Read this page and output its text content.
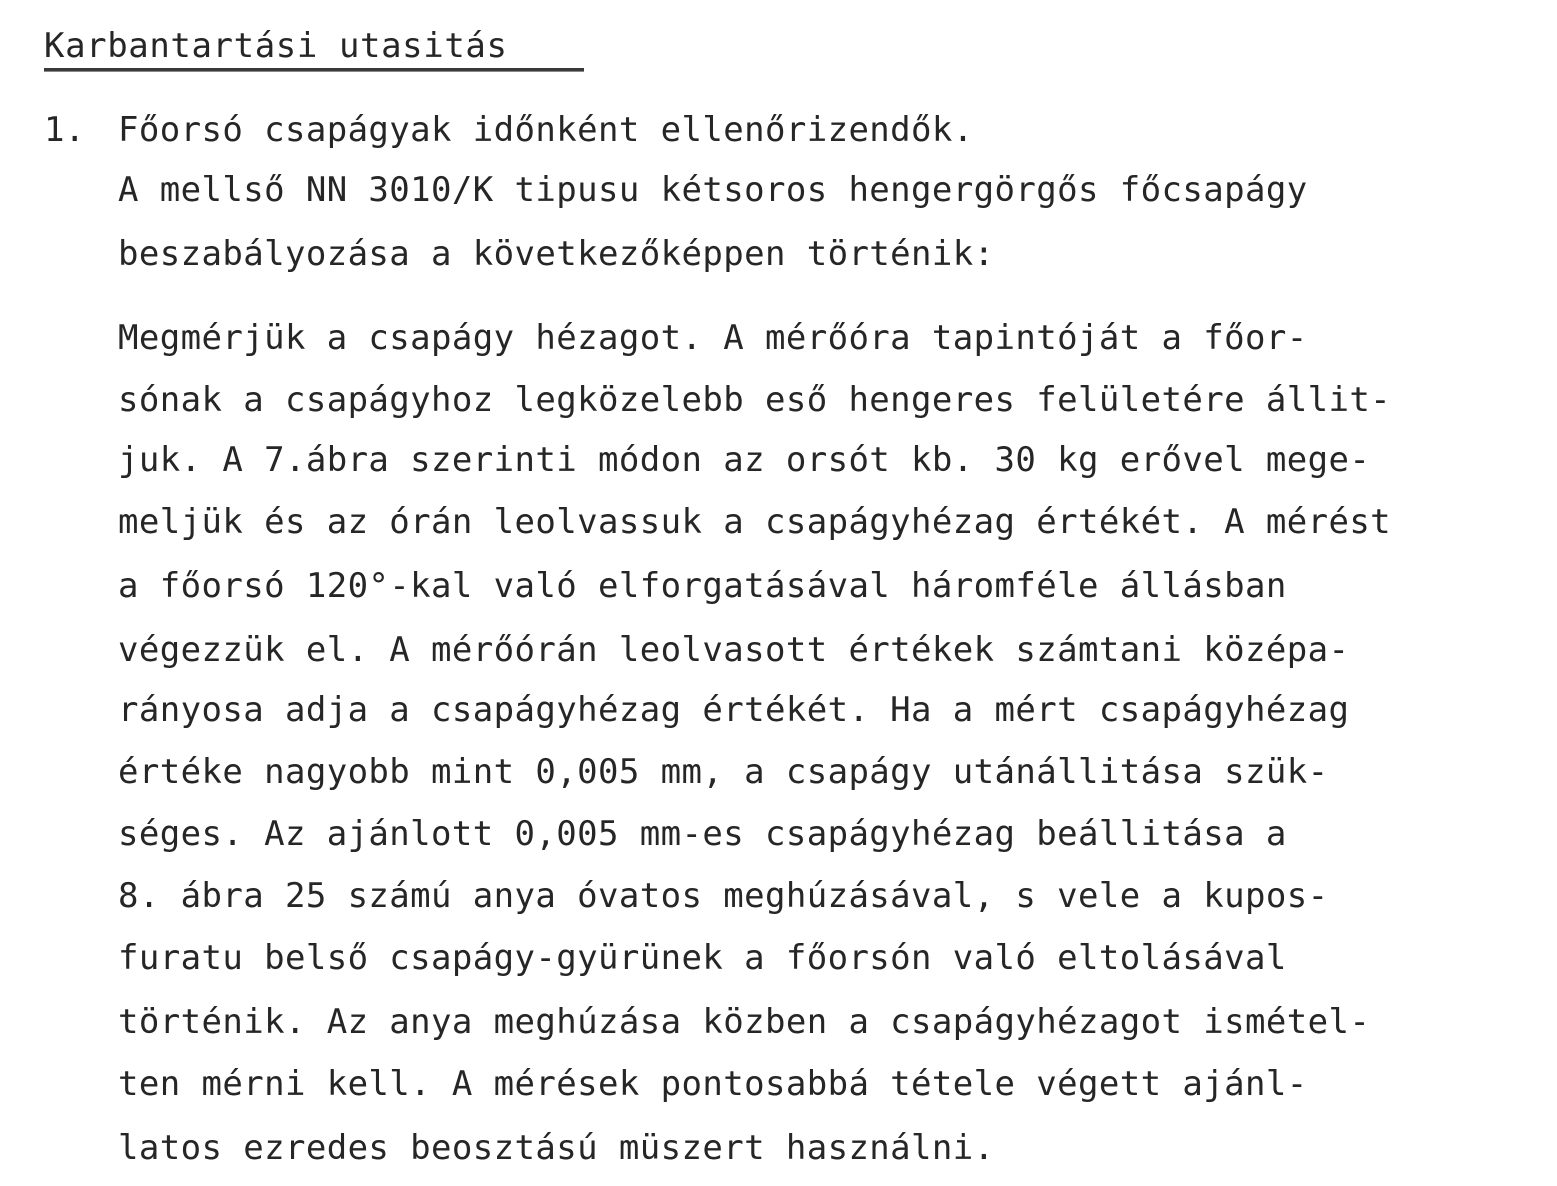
Karbantartási utasitás
1. Főorsó csapágyak időnként ellenőrizendők.
A mellső NN 3010/K tipusu kétsoros hengergörgős főcsapágy
beszabályozása a következőképpen történik:
Megmérjük a csapágy hézagot. A mérőóra tapintóját a főor-
sónak a csapágyhoz legközelebb eső hengeres felületére állit-
juk. A 7.ábra szerinti módon az orsót kb. 30 kg erővel mege-
meljük és az órán leolvassuk a csapágyhézag értékét. A mérést
a főorsó 120°-kal való elforgatásával háromféle állásban
végezzük el. A mérőórán leolvasott értékek számtani középa-
rányosa adja a csapágyhézag értékét. Ha a mért csapágyhézag
értéke nagyobb mint 0,005 mm, a csapágy utánállitása szük-
séges. Az ajánlott 0,005 mm-es csapágyhézag beállitása a
8. ábra 25 számú anya óvatos meghúzásával, s vele a kupos-
furatu belső csapágy-gyürünek a főorsón való eltolásával
történik. Az anya meghúzása közben a csapágyhézagot ismétel-
ten mérni kell. A mérések pontosabbá tétele végett ajánl-
latos ezredes beosztású müszert használni.
